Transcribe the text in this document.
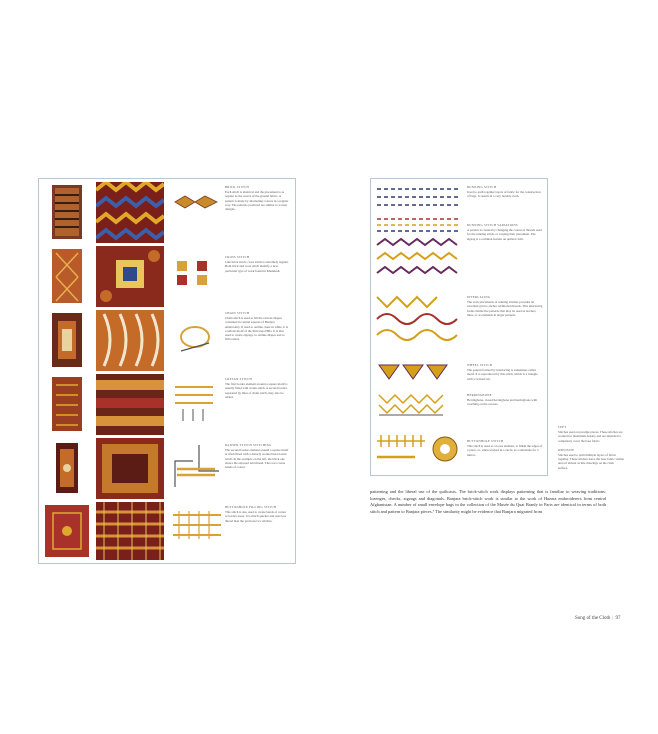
BRICK STITCH
Each stitch is identical and the placement is as regular as the weave of the ground fabric. A pattern is made by alternating colours in a regular way. The patterns produced are similar to woven designs.
CROSS STITCH
Like brick stitch, cross stitch is extremely regular. Both brick and cross stitch identify a new particular type of work found in Khandesh.
CHAIN STITCH
Chain stitch is used to fill the various shapes contained in central squares of Banjara embroidery. If used to outline, done in white, it is a telltale motif of the Shivaraja Hills. It is also used to create zigzags, to outline shapes and to fill borders.
CRETAN STITCH
The first border element around a square motif is usually filled with cretan stitch. A second border, separated by lines of chain stitch, may also be added.
RANSER STITCH STITCHING
The second border element around a square motif is often filled with a densely worked tiered satin stitch. In the example on the left, the black one shows the exposed laid thread. The rows create bands of colour.
BUTTONHOLE FILLING STITCH
This stitch is also used to create bands of colour or border areas. It is much quicker and uses less thread than the previous two stitches.
RUNNING STITCH
Used to quilt together layers of fabric for the construction of bags. It results in a very durable cloth.
RUNNING STITCH VARIATIONS
A pattern is created by changing the colour of threads used for the running stitch, or varying their placement. The zigzag is a common feature on quilted cloth.
INTERLACING
The even placements of running stitches provides an excellent grid to anchor additional threads. This interlacing forms distinctive patterns that may be used as borders, lines, or as elements in larger patterns.
WHEEL STITCH
The pattern formed by interlacing is sometimes called motif. It is reproduced by this stitch, which is a triangle with a twisted tail.
HERRINGBONE
Herringbone, closed herringbone and herringbone with couching on the crosses.
BUTTONHOLE STITCH
This stitch is used as a loose element, to finish the edges of a piece, or, when worked in a circle, as a substitute for a mirror.
patterning and the liberal use of the quiltcasts. The brick-stitch work displays patterning that is familiar to weaving traditions: lozenges, checks, zigzags and diagonals. Banjara brick-stitch work is similar to the work of Hazara embroiderers from central Afghanistan. A number of small envelope bags in the collection of the Musée du Quai Branly in Paris are identical in terms of both stitch and pattern to Banjara pieces.⁷ The similarity might be evidence that Banjara migrated from
LEFT
Stitches used on prestige pieces. These stitches are worked for maximum density and are intended to completely cover the base fabric.
OPPOSITE
Stitches used to quilt multiple layers of fabric together. These stitches leave the base fabric visible and act almost as line drawings on the cloth surface.
Song of the Cloth | 97
